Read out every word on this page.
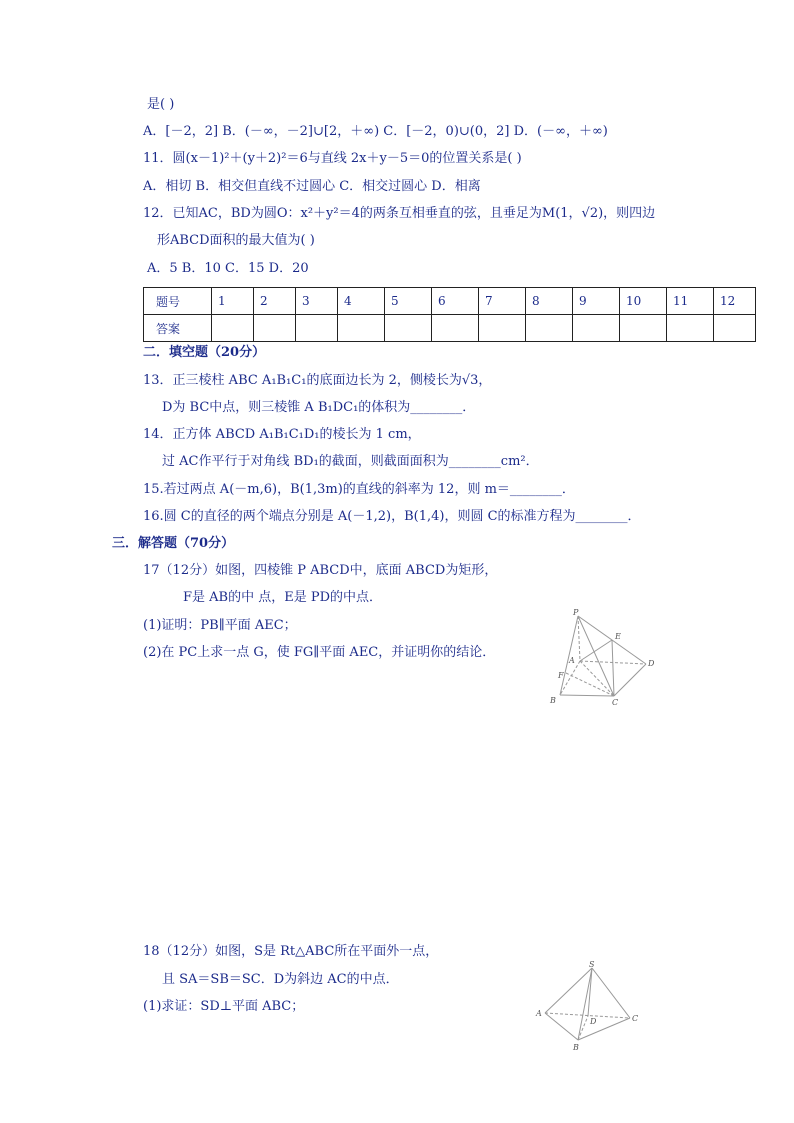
是( )
A．[－2，2] B．(－∞，－2]∪[2，＋∞) C．[－2，0)∪(0，2] D．(－∞，＋∞)
11．圆(x－1)²＋(y＋2)²＝6与直线 2x＋y－5＝0的位置关系是( )
A．相切 B．相交但直线不过圆心 C．相交过圆心 D．相离
12．已知AC，BD为圆O：x²＋y²＝4的两条互相垂直的弦，且垂足为M(1，√2)，则四边
形ABCD面积的最大值为( )
A．5 B．10 C．15 D．20
题号	1	2	3	4	5	6	7	8	9	10	11	12
答案												
二．填空题（20分）
13．正三棱柱 ABC A₁B₁C₁的底面边长为 2，侧棱长为√3，
D为 BC中点，则三棱锥 A B₁DC₁的体积为________．
14．正方体 ABCD A₁B₁C₁D₁的棱长为 1 cm，
过 AC作平行于对角线 BD₁的截面，则截面面积为________cm²．
15.若过两点 A(－m,6)，B(1,3m)的直线的斜率为 12，则 m＝________．
16.圆 C的直径的两个端点分别是 A(－1,2)，B(1,4)，则圆 C的标准方程为________．
三．解答题（70分）
17（12分）如图，四棱锥 P ABCD中，底面 ABCD为矩形，
F是 AB的中 点，E是 PD的中点．
(1)证明：PB∥平面 AEC；
(2)在 PC上求一点 G，使 FG∥平面 AEC，并证明你的结论．
P
E
A	D
F
B	C
18（12分）如图，S是 Rt△ABC所在平面外一点，
且 SA＝SB＝SC．D为斜边 AC的中点．
(1)求证：SD⊥平面 ABC；
S
A
D	C
B
